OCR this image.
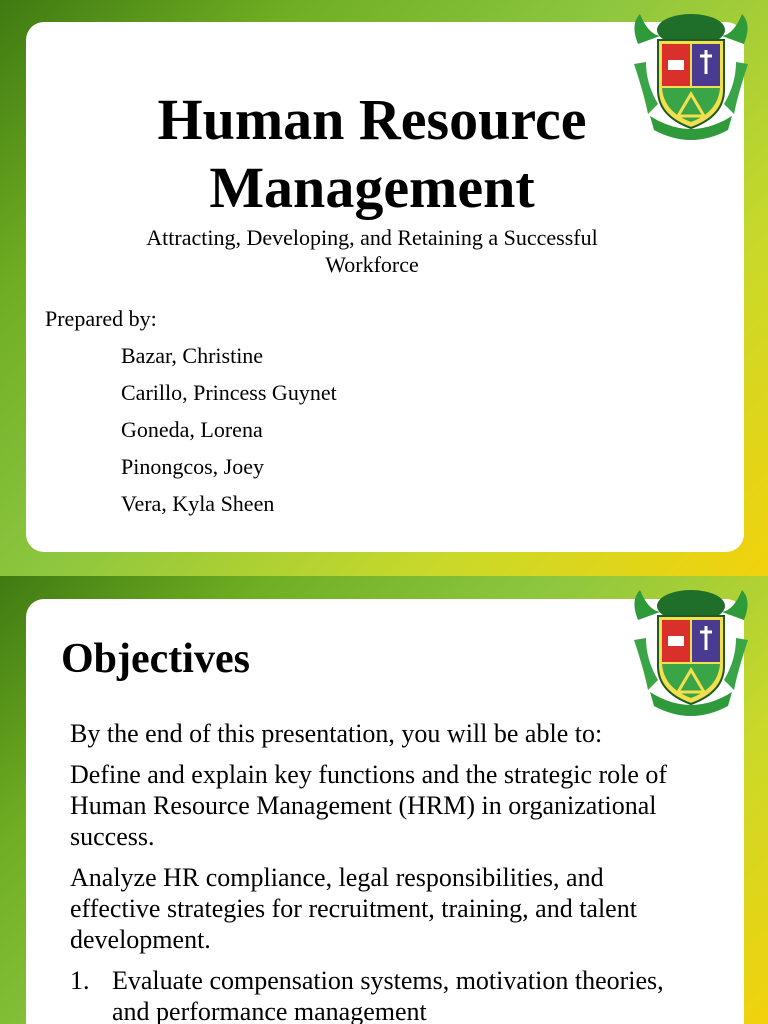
Human Resource
Management
Attracting, Developing, and Retaining a Successful Workforce
Prepared by:
Bazar, Christine
Carillo, Princess Guynet
Goneda, Lorena
Pinongcos, Joey
Vera, Kyla Sheen
Objectives

By the end of this presentation, you will be able to:

Define and explain key functions and the strategic role of Human Resource Management (HRM) in organizational success.

Analyze HR compliance, legal responsibilities, and effective strategies for recruitment, training, and talent development.

1. Evaluate compensation systems, motivation theories, and performance management
